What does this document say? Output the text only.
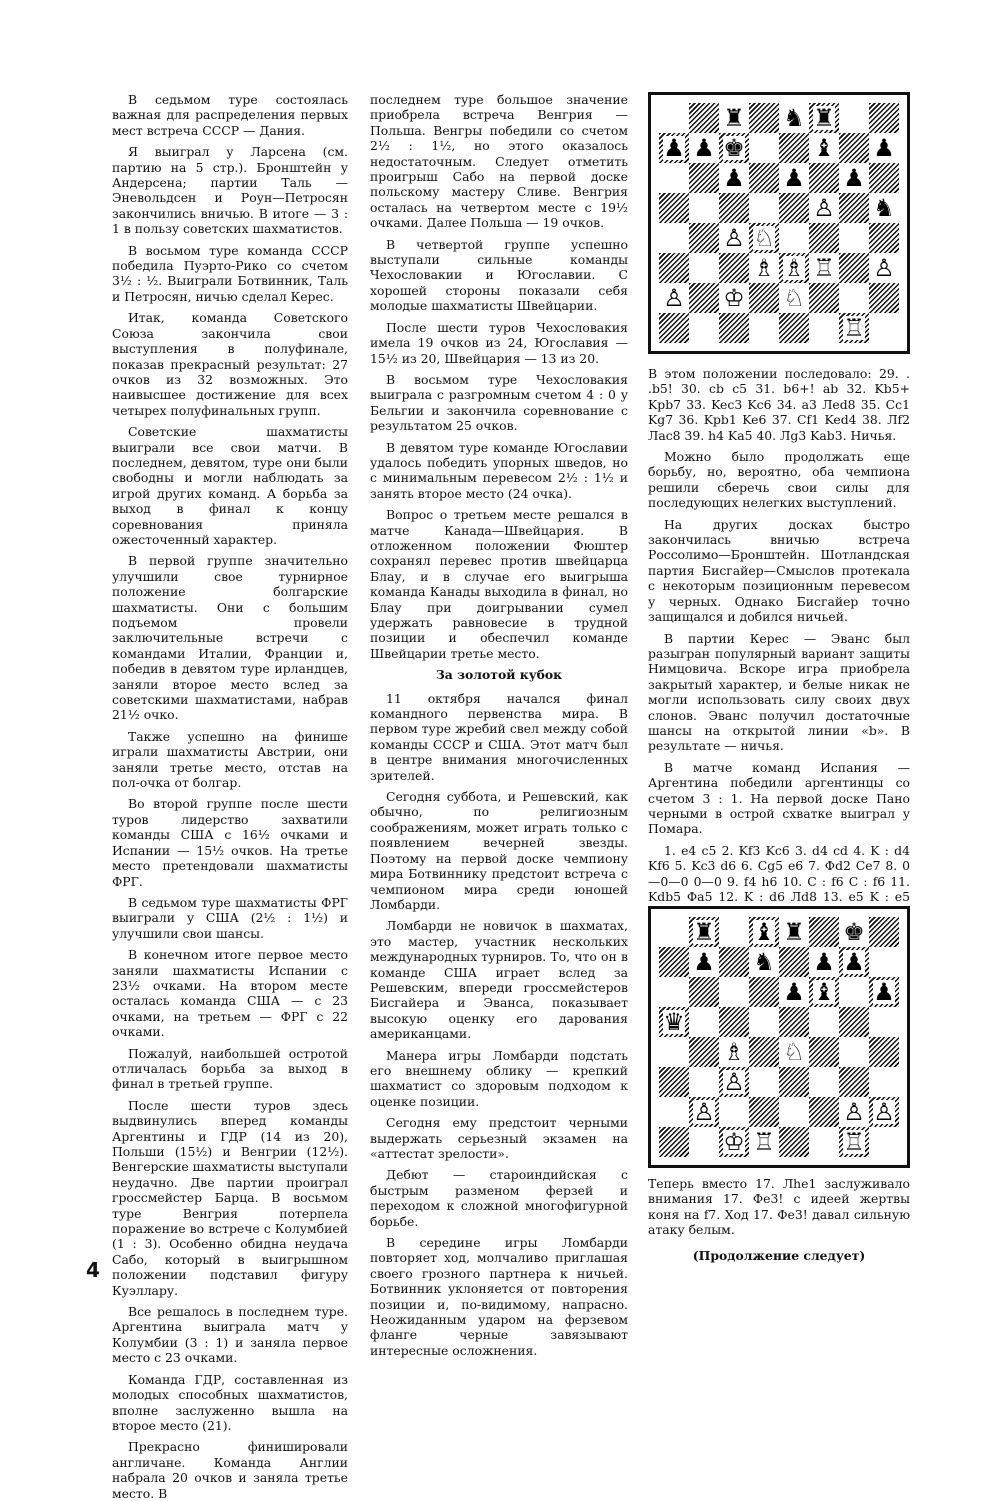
В седьмом туре состоялась важная для распределения первых мест встреча СССР — Дания.

Я выиграл у Ларсена (см. партию на 5 стр.). Бронштейн у Андерсена; партии Таль — Эневольдсен и Роун—Петросян закончились вничью. В итоге — 3 : 1 в пользу советских шахматистов.

В восьмом туре команда СССР победила Пуэрто-Рико со счетом 3½ : ½. Выиграли Ботвинник, Таль и Петросян, ничью сделал Керес.

Итак, команда Советского Союза закончила свои выступления в полуфинале, показав прекрасный результат: 27 очков из 32 возможных. Это наивысшее достижение для всех четырех полуфинальных групп.

Советские шахматисты выиграли все свои матчи. В последнем, девятом, туре они были свободны и могли наблюдать за игрой других команд. А борьба за выход в финал к концу соревнования приняла ожесточенный характер.

В первой группе значительно улучшили свое турнирное положение болгарские шахматисты. Они с большим подъемом провели заключительные встречи с командами Италии, Франции и, победив в девятом туре ирландцев, заняли второе место вслед за советскими шахматистами, набрав 21½ очко.

Также успешно на финише играли шахматисты Австрии, они заняли третье место, отстав на пол-очка от болгар.

Во второй группе после шести туров лидерство захватили команды США с 16½ очками и Испании — 15½ очков. На третье место претендовали шахматисты ФРГ.

В седьмом туре шахматисты ФРГ выиграли у США (2½ : 1½) и улучшили свои шансы.

В конечном итоге первое место заняли шахматисты Испании с 23½ очками. На втором месте осталась команда США — с 23 очками, на третьем — ФРГ с 22 очками.

Пожалуй, наибольшей остротой отличалась борьба за выход в финал в третьей группе.

После шести туров здесь выдвинулись вперед команды Аргентины и ГДР (14 из 20), Польши (15½) и Венгрии (12½). Венгерские шахматисты выступали неудачно. Две партии проиграл гроссмейстер Барца. В восьмом туре Венгрия потерпела поражение во встрече с Колумбией (1 : 3). Особенно обидна неудача Сабо, который в выигрышном положении подставил фигуру Куэллару.

Все решалось в последнем туре. Аргентина выиграла матч у Колумбии (3 : 1) и заняла первое место с 23 очками.

Команда ГДР, составленная из молодых способных шахматистов, вполне заслуженно вышла на второе место (21).

Прекрасно финишировали англичане. Команда Англии набрала 20 очков и заняла третье место. В

последнем туре большое значение приобрела встреча Венгрия — Польша. Венгры победили со счетом 2½ : 1½, но этого оказалось недостаточным. Следует отметить проигрыш Сабо на первой доске польскому мастеру Сливе. Венгрия осталась на четвертом месте с 19½ очками. Далее Польша — 19 очков.

В четвертой группе успешно выступали сильные команды Чехословакии и Югославии. С хорошей стороны показали себя молодые шахматисты Швейцарии.

После шести туров Чехословакия имела 19 очков из 24, Югославия — 15½ из 20, Швейцария — 13 из 20.

В восьмом туре Чехословакия выиграла с разгромным счетом 4 : 0 у Бельгии и закончила соревнование с результатом 25 очков.

В девятом туре команде Югославии удалось победить упорных шведов, но с минимальным перевесом 2½ : 1½ и занять второе место (24 очка).

Вопрос о третьем месте решался в матче Канада—Швейцария. В отложенном положении Фюштер сохранял перевес против швейцарца Блау, и в случае его выигрыша команда Канады выходила в финал, но Блау при доигрывании сумел удержать равновесие в трудной позиции и обеспечил команде Швейцарии третье место.

За золотой кубок

11 октября начался финал командного первенства мира. В первом туре жребий свел между собой команды СССР и США. Этот матч был в центре внимания многочисленных зрителей.

Сегодня суббота, и Решевский, как обычно, по религиозным соображениям, может играть только с появлением вечерней звезды. Поэтому на первой доске чемпиону мира Ботвиннику предстоит встреча с чемпионом мира среди юношей Ломбарди.

Ломбарди не новичок в шахматах, это мастер, участник нескольких международных турниров. То, что он в команде США играет вслед за Решевским, впереди гроссмейстеров Бисгайера и Эванса, показывает высокую оценку его дарования американцами.

Манера игры Ломбарди подстать его внешнему облику — крепкий шахматист со здоровым подходом к оценке позиции.

Сегодня ему предстоит черными выдержать серьезный экзамен на «аттестат зрелости».

Дебют — староиндийская с быстрым разменом ферзей и переходом к сложной многофигурной борьбе.

В середине игры Ломбарди повторяет ход, молчаливо приглашая своего грозного партнера к ничьей. Ботвинник уклоняется от повторения позиции и, по-видимому, напрасно. Неожиданным ударом на ферзевом фланге черные завязывают интересные осложнения.

♜ ♞ ♜
♟ ♟ ♚	♝ ♟
♟ ♟ ♟
♙ ♞
♙ ♘
♗ ♗ ♖ ♙
♙ ♔ ♘
♖

В этом положении последовало: 29. . .b5! 30. cb c5 31. b6+! ab 32. Kb5+ Kpb7 33. Kec3 Kc6 34. a3 Лed8 35. Cc1 Kg7 36. Kpb1 Ke6 37. Cf1 Ked4 38. Лf2 Лac8 39. h4 Ka5 40. Лg3 Kab3. Ничья.

Можно было продолжать еще борьбу, но, вероятно, оба чемпиона решили сберечь свои силы для последующих нелегких выступлений.

На других досках быстро закончилась вничью встреча Россолимо—Бронштейн. Шотландская партия Бисгайер—Смыслов протекала с некоторым позиционным перевесом у черных. Однако Бисгайер точно защищался и добился ничьей.

В партии Керес — Эванс был разыгран популярный вариант защиты Нимцовича. Вскоре игра приобрела закрытый характер, и белые никак не могли использовать силу своих двух слонов. Эванс получил достаточные шансы на открытой линии «b». В результате — ничья.

В матче команд Испания — Аргентина победили аргентинцы со счетом 3 : 1. На первой доске Пано черными в острой схватке выиграл у Помара.

1. e4 c5 2. Kf3 Kc6 3. d4 cd 4. K : d4 Kf6 5. Kc3 d6 6. Cg5 e6 7. Фd2 Ce7 8. 0—0—0 0—0 9. f4 h6 10. C : f6 C : f6 11. Kdb5 Фa5 12. K : d6 Лd8 13. e5 K : e5

♜ ♝ ♜ ♚
♟ ♞ ♟ ♟
♟ ♝ ♟
♛
♗ ♘
♙
♙	♙ ♙
♔ ♖	♖

Теперь вместо 17. Лhe1 заслуживало внимания 17. Фe3! с идеей жертвы коня на f7. Ход 17. Фe3! давал сильную атаку белым.

(Продолжение следует)

4
